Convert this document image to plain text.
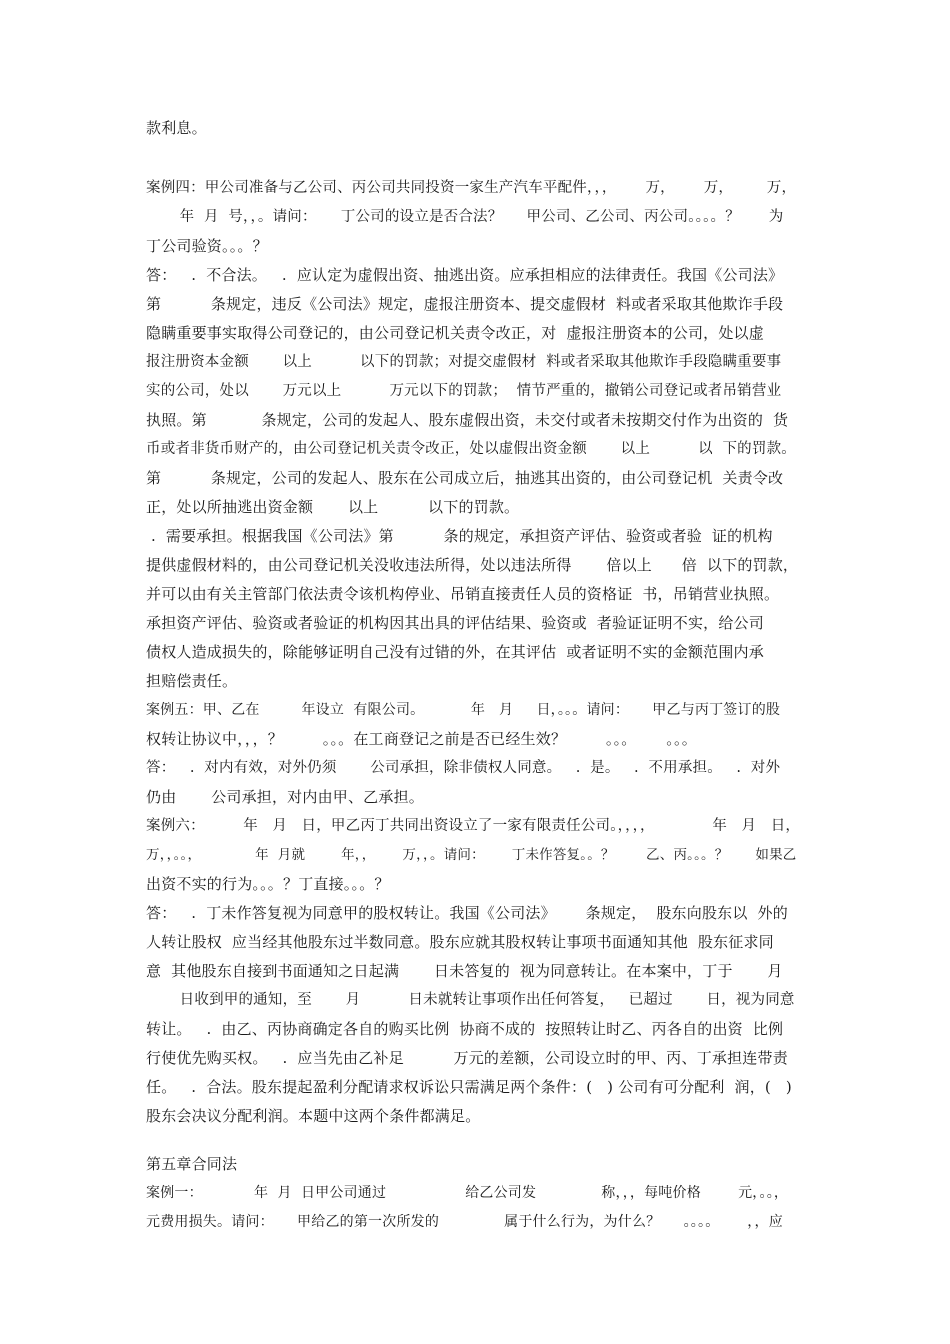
款利息。
案例四：甲公司准备与乙公司、丙公司共同投资一家生产汽车平配件，，，      万，      万，       万，
年  月  号，，。请问：     丁公司的设立是否合法？     甲公司、乙公司、丙公司。。。。？      为
丁公司验资。。。？
答：   .  不合法。   .  应认定为虚假出资、抽逃出资。应承担相应的法律责任。我国《公司法》
第          条规定，违反《公司法》规定，虚报注册资本、提交虚假材  料或者采取其他欺诈手段
隐瞒重要事实取得公司登记的，由公司登记机关责令改正，对  虚报注册资本的公司，处以虚
报注册资本金额       以上          以下的罚款；对提交虚假材  料或者采取其他欺诈手段隐瞒重要事
实的公司，处以       万元以上          万元以下的罚款；  情节严重的，撤销公司登记或者吊销营业
执照。第           条规定，公司的发起人、股东虚假出资，未交付或者未按期交付作为出资的  货
币或者非货币财产的，由公司登记机关责令改正，处以虚假出资金额       以上          以  下的罚款。
第          条规定，公司的发起人、股东在公司成立后，抽逃其出资的，由公司登记机  关责令改
正，处以所抽逃出资金额       以上          以下的罚款。
.  需要承担。根据我国《公司法》第          条的规定，承担资产评估、验资或者验  证的机构
提供虚假材料的，由公司登记机关没收违法所得，处以违法所得       倍以上      倍  以下的罚款，
并可以由有关主管部门依法责令该机构停业、吊销直接责任人员的资格证  书，吊销营业执照。
承担资产评估、验资或者验证的机构因其出具的评估结果、验资或  者验证证明不实，给公司
债权人造成损失的，除能够证明自己没有过错的外，在其评估  或者证明不实的金额范围内承
担赔偿责任。
案例五：甲、乙在         年设立  有限公司。          年   月     日，。。。请问：     甲乙与丙丁签订的股
权转让协议中，，，？        。。。在工商登记之前是否已经生效？        。。。      。。。
答：   .  对内有效，对外仍须       公司承担，除非债权人同意。   .  是。   .  不用承担。   .  对外
仍由       公司承担，对内由甲、乙承担。
案例六：        年   月   日，甲乙丙丁共同出资设立了一家有限责任公司。，，，，            年   月   日，
万，，。。，            年  月就        年，，      万，，。请问：      丁未作答复。。？       乙、丙。。。？      如果乙
出资不实的行为。。。？丁直接。。。？
答：   .  丁未作答复视为同意甲的股权转让。我国《公司法》      条规定，  股东向股东以  外的
人转让股权  应当经其他股东过半数同意。股东应就其股权转让事项书面通知其他  股东征求同
意  其他股东自接到书面通知之日起满       日未答复的  视为同意转让。在本案中，丁于       月
日收到甲的通知，至       月          日未就转让事项作出任何答复，   已超过       日，视为同意
转让。   .  由乙、丙协商确定各自的购买比例  协商不成的  按照转让时乙、丙各自的出资  比例
行使优先购买权。   .  应当先由乙补足          万元的差额，公司设立时的甲、丙、丁承担连带责
任。   .  合法。股东提起盈利分配请求权诉讼只需满足两个条件：(   ) 公司有可分配利  润，(   )
股东会决议分配利润。本题中这两个条件都满足。
第五章合同法
案例一：           年  月  日甲公司通过                 给乙公司发              称，，，每吨价格        元，。。，
元费用损失。请问：     甲给乙的第一次所发的              属于什么行为，为什么？     。。。。      ，，应
